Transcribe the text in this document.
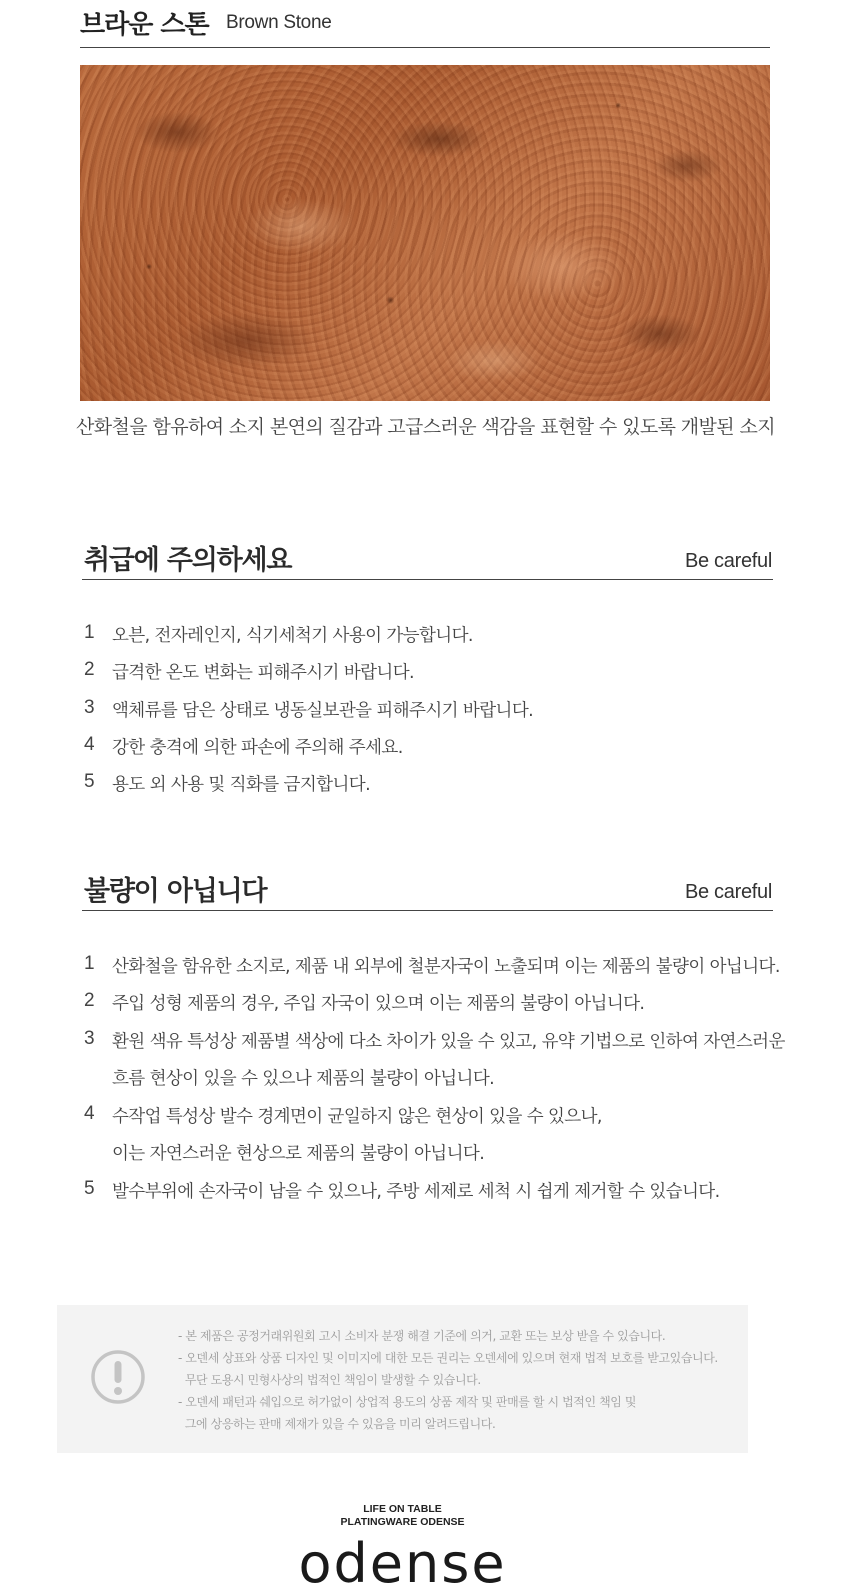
브라운 스톤 Brown Stone
산화철을 함유하여 소지 본연의 질감과 고급스러운 색감을 표현할 수 있도록 개발된 소지
취급에 주의하세요	Be careful
1 오븐, 전자레인지, 식기세척기 사용이 가능합니다.
2 급격한 온도 변화는 피해주시기 바랍니다.
3 액체류를 담은 상태로 냉동실보관을 피해주시기 바랍니다.
4 강한 충격에 의한 파손에 주의해 주세요.
5 용도 외 사용 및 직화를 금지합니다.
불량이 아닙니다	Be careful
1 산화철을 함유한 소지로, 제품 내 외부에 철분자국이 노출되며 이는 제품의 불량이 아닙니다.
2 주입 성형 제품의 경우, 주입 자국이 있으며 이는 제품의 불량이 아닙니다.
3 환원 색유 특성상 제품별 색상에 다소 차이가 있을 수 있고, 유약 기법으로 인하여 자연스러운
흐름 현상이 있을 수 있으나 제품의 불량이 아닙니다.
4 수작업 특성상 발수 경계면이 균일하지 않은 현상이 있을 수 있으나,
이는 자연스러운 현상으로 제품의 불량이 아닙니다.
5 발수부위에 손자국이 남을 수 있으나, 주방 세제로 세척 시 쉽게 제거할 수 있습니다.
- 본 제품은 공정거래위원회 고시 소비자 분쟁 해결 기준에 의거, 교환 또는 보상 받을 수 있습니다.
- 오덴세 상표와 상품 디자인 및 이미지에 대한 모든 권리는 오덴세에 있으며 현재 법적 보호를 받고있습니다.
무단 도용시 민형사상의 법적인 책임이 발생할 수 있습니다.
- 오덴세 패턴과 쉐입으로 허가없이 상업적 용도의 상품 제작 및 판매를 할 시 법적인 책임 및
그에 상응하는 판매 제재가 있을 수 있음을 미리 알려드립니다.
LIFE ON TABLE
PLATINGWARE ODENSE
odense
